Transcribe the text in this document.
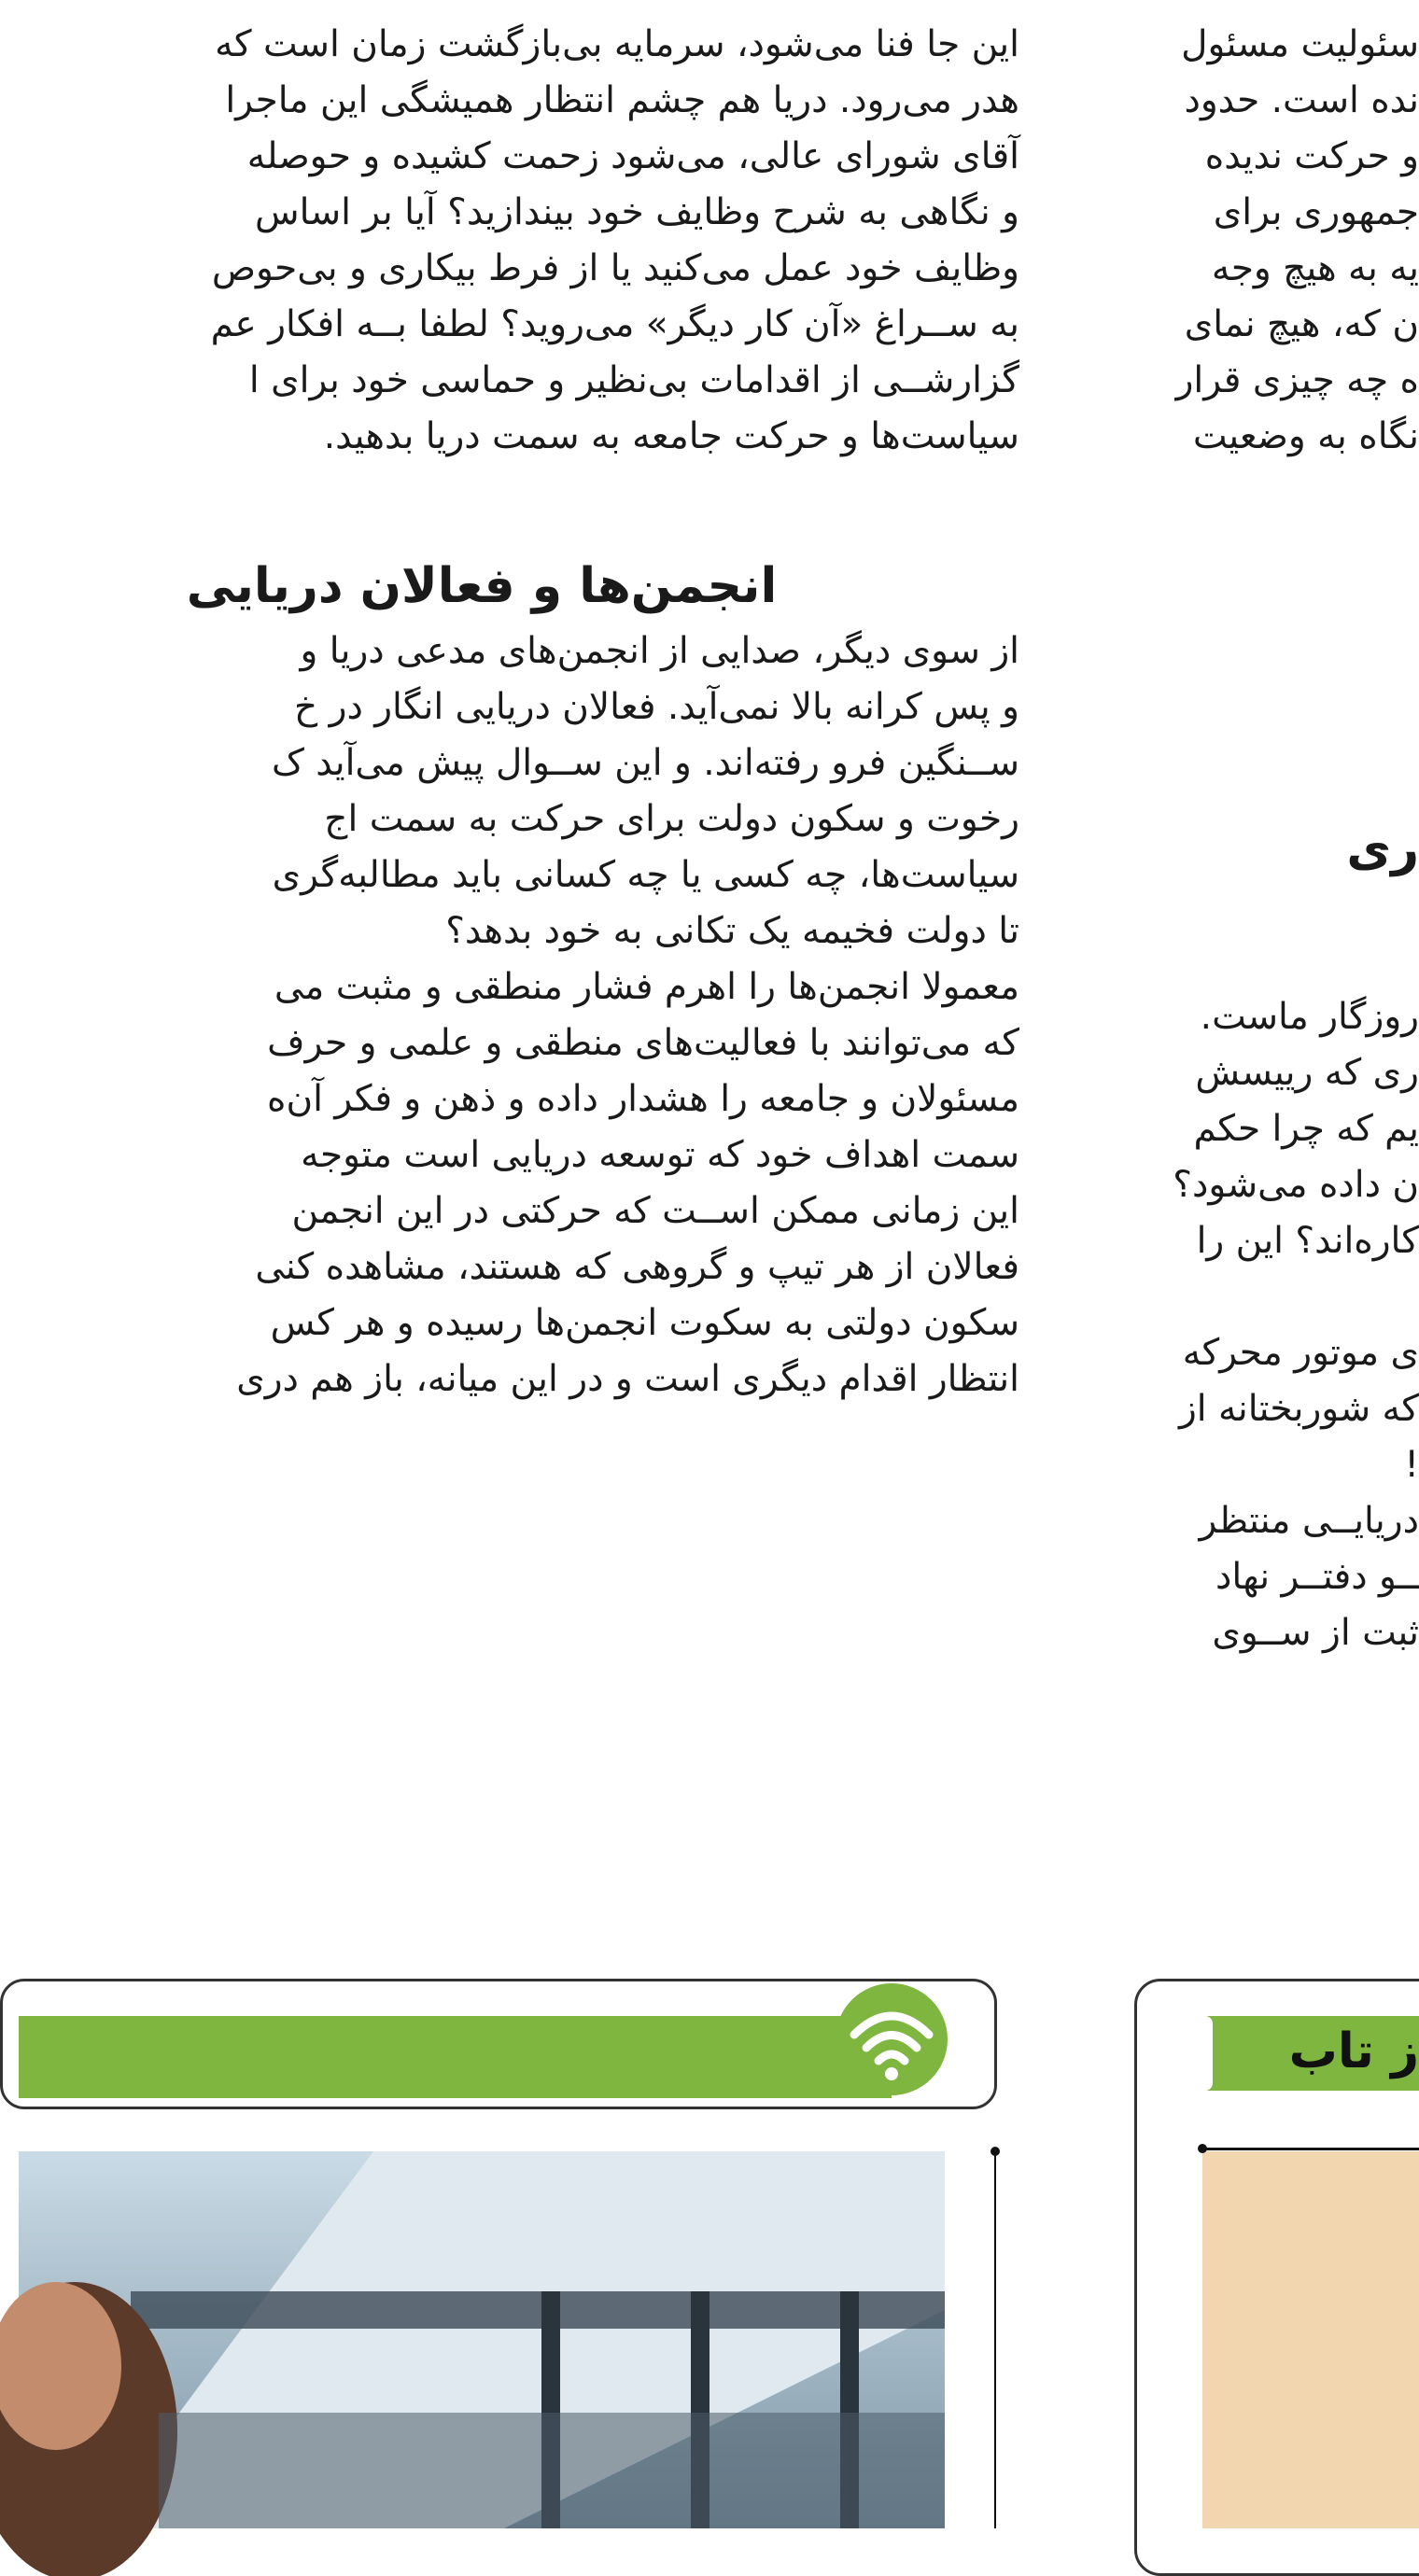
این جا فنا می‌شود، سرمایه بی‌بازگشت زمان است که
هدر می‌رود. دریا هم چشم انتظار همیشگی این ماجرا
آقای شورای عالی، می‌شود زحمت کشیده و حوصله
و نگاهی به شرح وظایف خود بیندازید؟ آیا بر اساس
وظایف خود عمل می‌کنید یا از فرط بیکاری و بی‌حوص
به ســراغ «آن کار دیگر» می‌روید؟ لطفا بــه افکار عم
گزارشــی از اقدامات بی‌نظیر و حماسی خود برای ا
سیاست‌ها و حرکت جامعه به سمت دریا بدهید.
انجمن‌ها و فعالان دریایی
از سوی دیگر، صدایی از انجمن‌های مدعی دریا و
و پس کرانه بالا نمی‌آید. فعالان دریایی انگار در خ
ســنگین فرو رفته‌اند. و این ســوال پیش می‌آید ک
رخوت و سکون دولت برای حرکت به سمت اج
سیاست‌ها، چه کسی یا چه کسانی باید مطالبه‌گری
تا دولت فخیمه یک تکانی به خود بدهد؟
معمولا انجمن‌ها را اهرم فشار منطقی و مثبت می
که می‌توانند با فعالیت‌های منطقی و علمی و حرف
مسئولان و جامعه را هشدار داده و ذهن و فکر آن‌ه
سمت اهداف خود که توسعه دریایی است متوجه
این زمانی ممکن اســت که حرکتی در این انجمن
فعالان از هر تیپ و گروهی که هستند، مشاهده کنی
سکون دولتی به سکوت انجمن‌ها رسیده و هر کس
انتظار اقدام دیگری است و در این میانه، باز هم دری
سئولیت مسئول
نده است. حدود
و حرکت ندیده
جمهوری برای
یه به هیچ وجه
ن که، هیچ نمای
ه چه چیزی قرار
نگاه به وضعیت
ری
روزگار ماست.
ری که رییسش
یم که چرا حکم
ن داده می‌شود؟
کاره‌اند؟ این را
ی موتور محرکه
که شوربختانه از
!
دریایــی منتظر
ــو دفتــر نهاد
ثبت از ســوی
ز تاب
